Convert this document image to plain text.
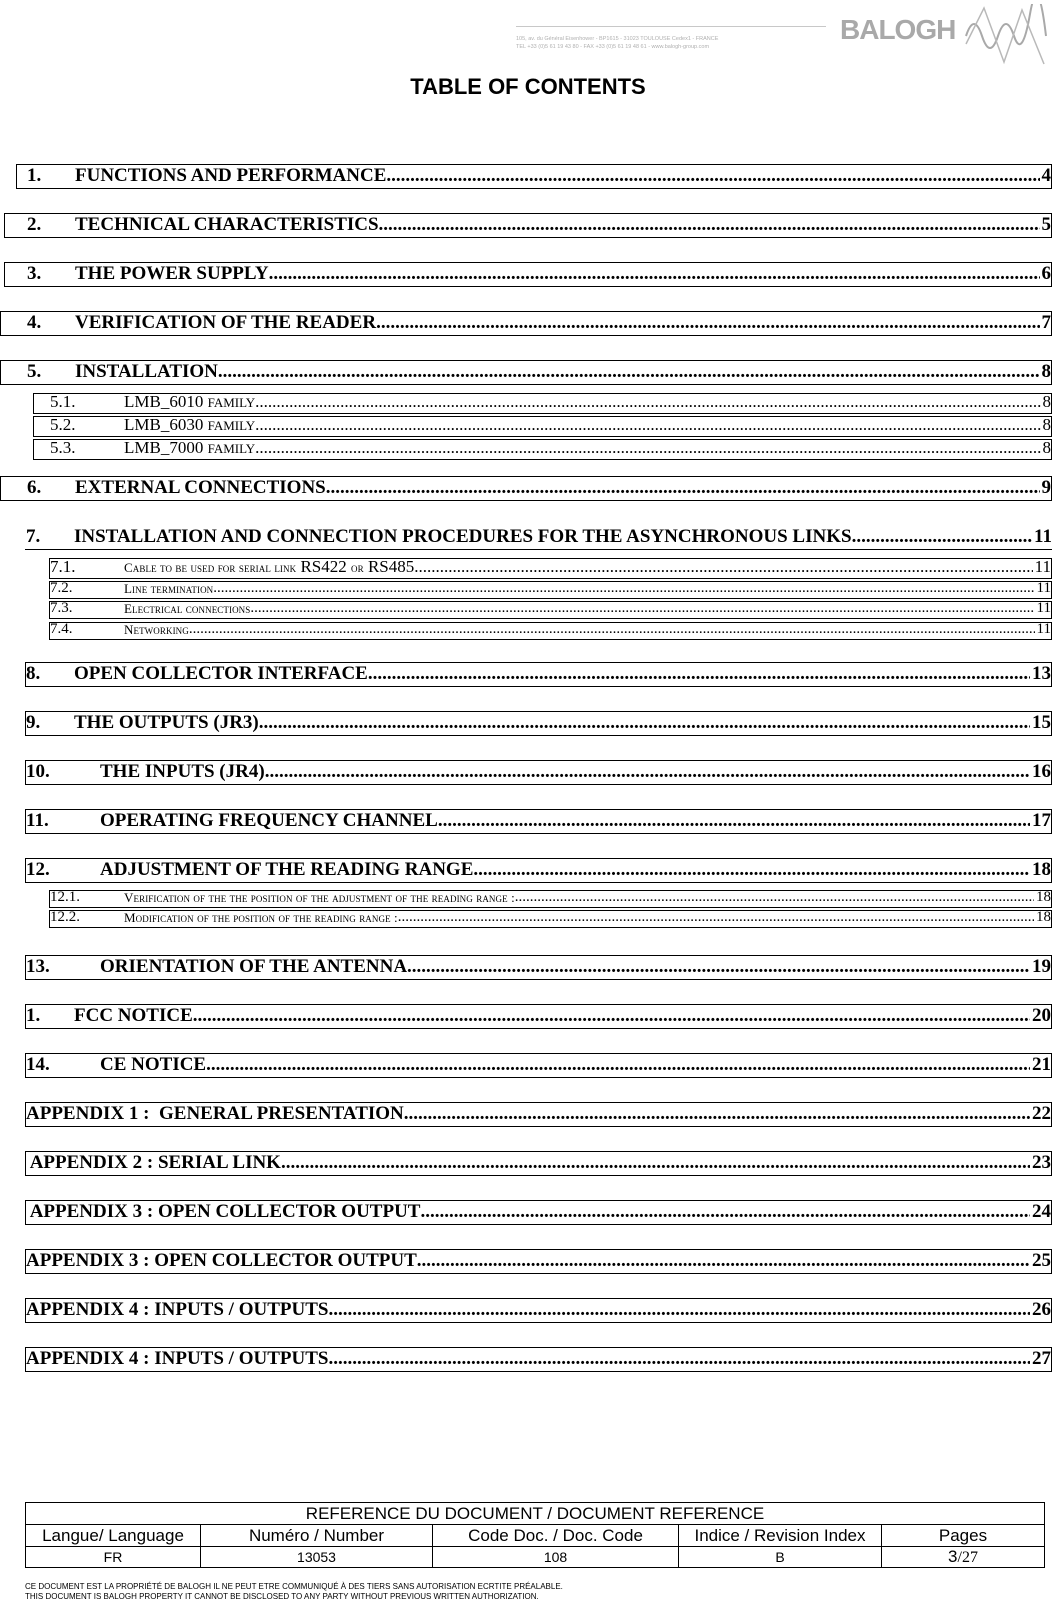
105, av. du Général Eisenhower - BP1615 - 31023 TOULOUSE Cedex1 - FRANCE
TEL +33 (0)5 61 19 43 80 - FAX +33 (0)5 61 19 48 61 - www.balogh-group.com
BALOGH
TABLE OF CONTENTS
1.	FUNCTIONS AND PERFORMANCE .....	4
2.	TECHNICAL CHARACTERISTICS .....	5
3.	THE POWER SUPPLY .....	6
4.	VERIFICATION OF THE READER .....	7
5.	INSTALLATION .....	8
5.1.	LMB_6010 FAMILY .....	8
5.2.	LMB_6030 FAMILY .....	8
5.3.	LMB_7000 FAMILY .....	8
6.	EXTERNAL CONNECTIONS .....	9
7.	INSTALLATION AND CONNECTION PROCEDURES FOR THE ASYNCHRONOUS LINKS .....	11
7.1.	Cable to be used for serial link RS422 or RS485 .....	11
7.2.	Line termination .....	11
7.3.	Electrical connections .....	11
7.4.	Networking .....	11
8.	OPEN COLLECTOR INTERFACE .....	13
9.	THE OUTPUTS (JR3) .....	15
10.	THE INPUTS (JR4) .....	16
11.	OPERATING FREQUENCY CHANNEL .....	17
12.	ADJUSTMENT OF THE READING RANGE .....	18
12.1.	Verification of the the position of the adjustment of the reading range : .....	18
12.2.	Modification of the position of the reading range : .....	18
13.	ORIENTATION OF THE ANTENNA .....	19
1.	FCC NOTICE .....	20
14.	CE NOTICE .....	21
APPENDIX 1 :  GENERAL PRESENTATION .....	22
APPENDIX 2 : SERIAL LINK .....	23
APPENDIX 3 : OPEN COLLECTOR OUTPUT .....	24
APPENDIX 3 : OPEN COLLECTOR OUTPUT .....	25
APPENDIX 4 : INPUTS / OUTPUTS .....	26
APPENDIX 4 : INPUTS / OUTPUTS .....	27
REFERENCE DU DOCUMENT / DOCUMENT REFERENCE				
Langue/ Language	Numéro / Number	Code Doc. / Doc. Code	Indice / Revision Index	Pages
FR	13053	108	B	3/27
CE DOCUMENT EST LA PROPRIÉTÉ DE BALOGH IL NE PEUT ETRE COMMUNIQUÉ À DES TIERS SANS AUTORISATION ECRTITE PRÉALABLE.
THIS DOCUMENT IS BALOGH PROPERTY IT CANNOT BE DISCLOSED TO ANY PARTY WITHOUT PREVIOUS WRITTEN AUTHORIZATION.
